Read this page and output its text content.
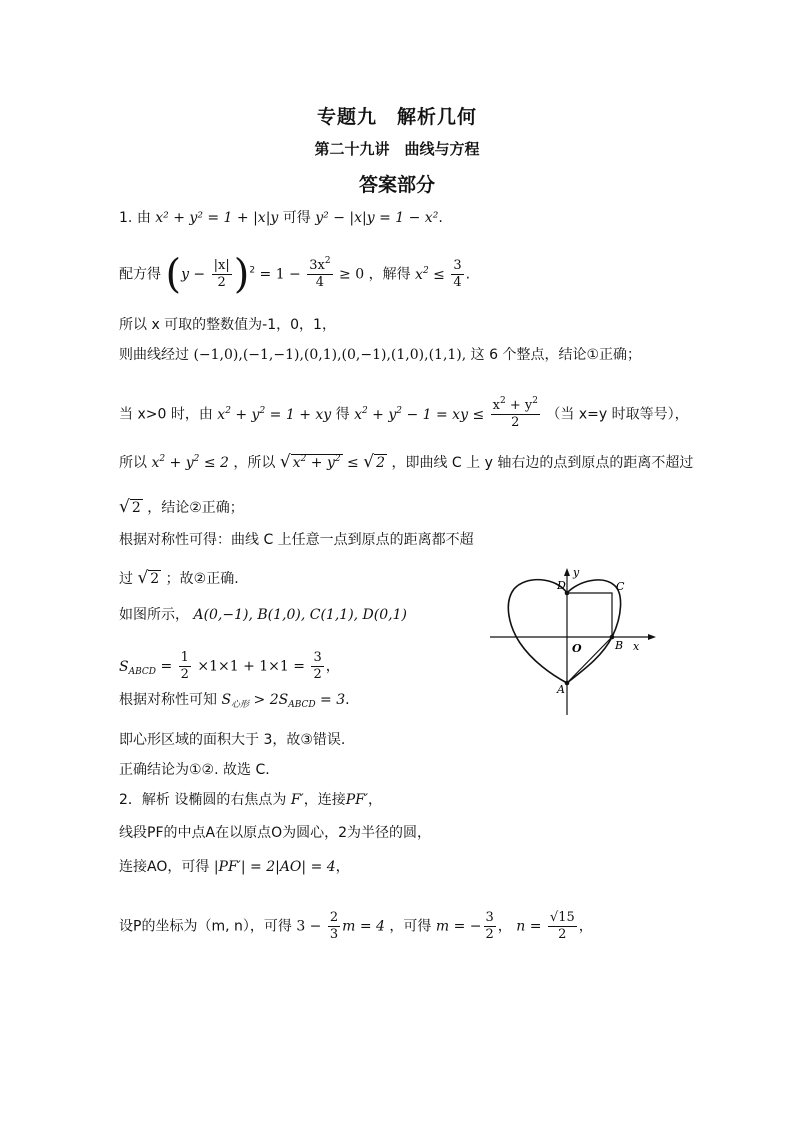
专题九　解析几何
第二十九讲　曲线与方程
答案部分
1. 由 x² + y² = 1 + |x|y 可得 y² − |x|y = 1 − x².
配方得 $(y - \frac{|x|}{2} )^2 = 1 - \frac{3x^2}{4} \ge 0$ ，解得 $x^2 \le \frac{3}{4}$ .
所以 x 可取的整数值为-1，0，1，
则曲线经过 (−1,0),(−1,−1),(0,1),(0,−1),(1,0),(1,1), 这 6 个整点，结论①正确；
当 x>0 时，由 $x^2 + y^2 = 1$ + xy 得 $x^2 + y^2 - 1$ = xy ≤ $\frac{x^2 + y^2}{2}$ （当 x=y 时取等号），
所以 $x^2 + y^2 \le 2$ ，所以 √ $x^2 + y^2$ ≤ √ 2 ，即曲线 C 上 y 轴右边的点到原点的距离不超过
√ 2 ，结论②正确；
根据对称性可得：曲线 C 上任意一点到原点的距离都不超
过 √ 2 ；故②正确.
如图所示， A(0,−1), B(1,0), C(1,1), D(0,1)
$S_{ABCD} = \frac{1}{2} \times 1\times 1 + 1\times 1 = \frac{3}{2}$ ，
根据对称性可知 $S_{心形} > 2S_{ABCD} = 3$.
即心形区域的面积大于 3，故③错误.
正确结论为①②. 故选 C.
2．解析 设椭圆的右焦点为 F′，连接PF′，
线段PF的中点A在以原点O为圆心，2为半径的圆，
连接AO，可得 |PF′| = 2|AO| = 4，
设P的坐标为（m, n），可得 $3 - \frac{2}{3}$ m = 4 ，可得 m = − $\frac{3}{2}$ ， $n = \frac{√15}{2}$ ，
D	C
O	B
A
x
y
